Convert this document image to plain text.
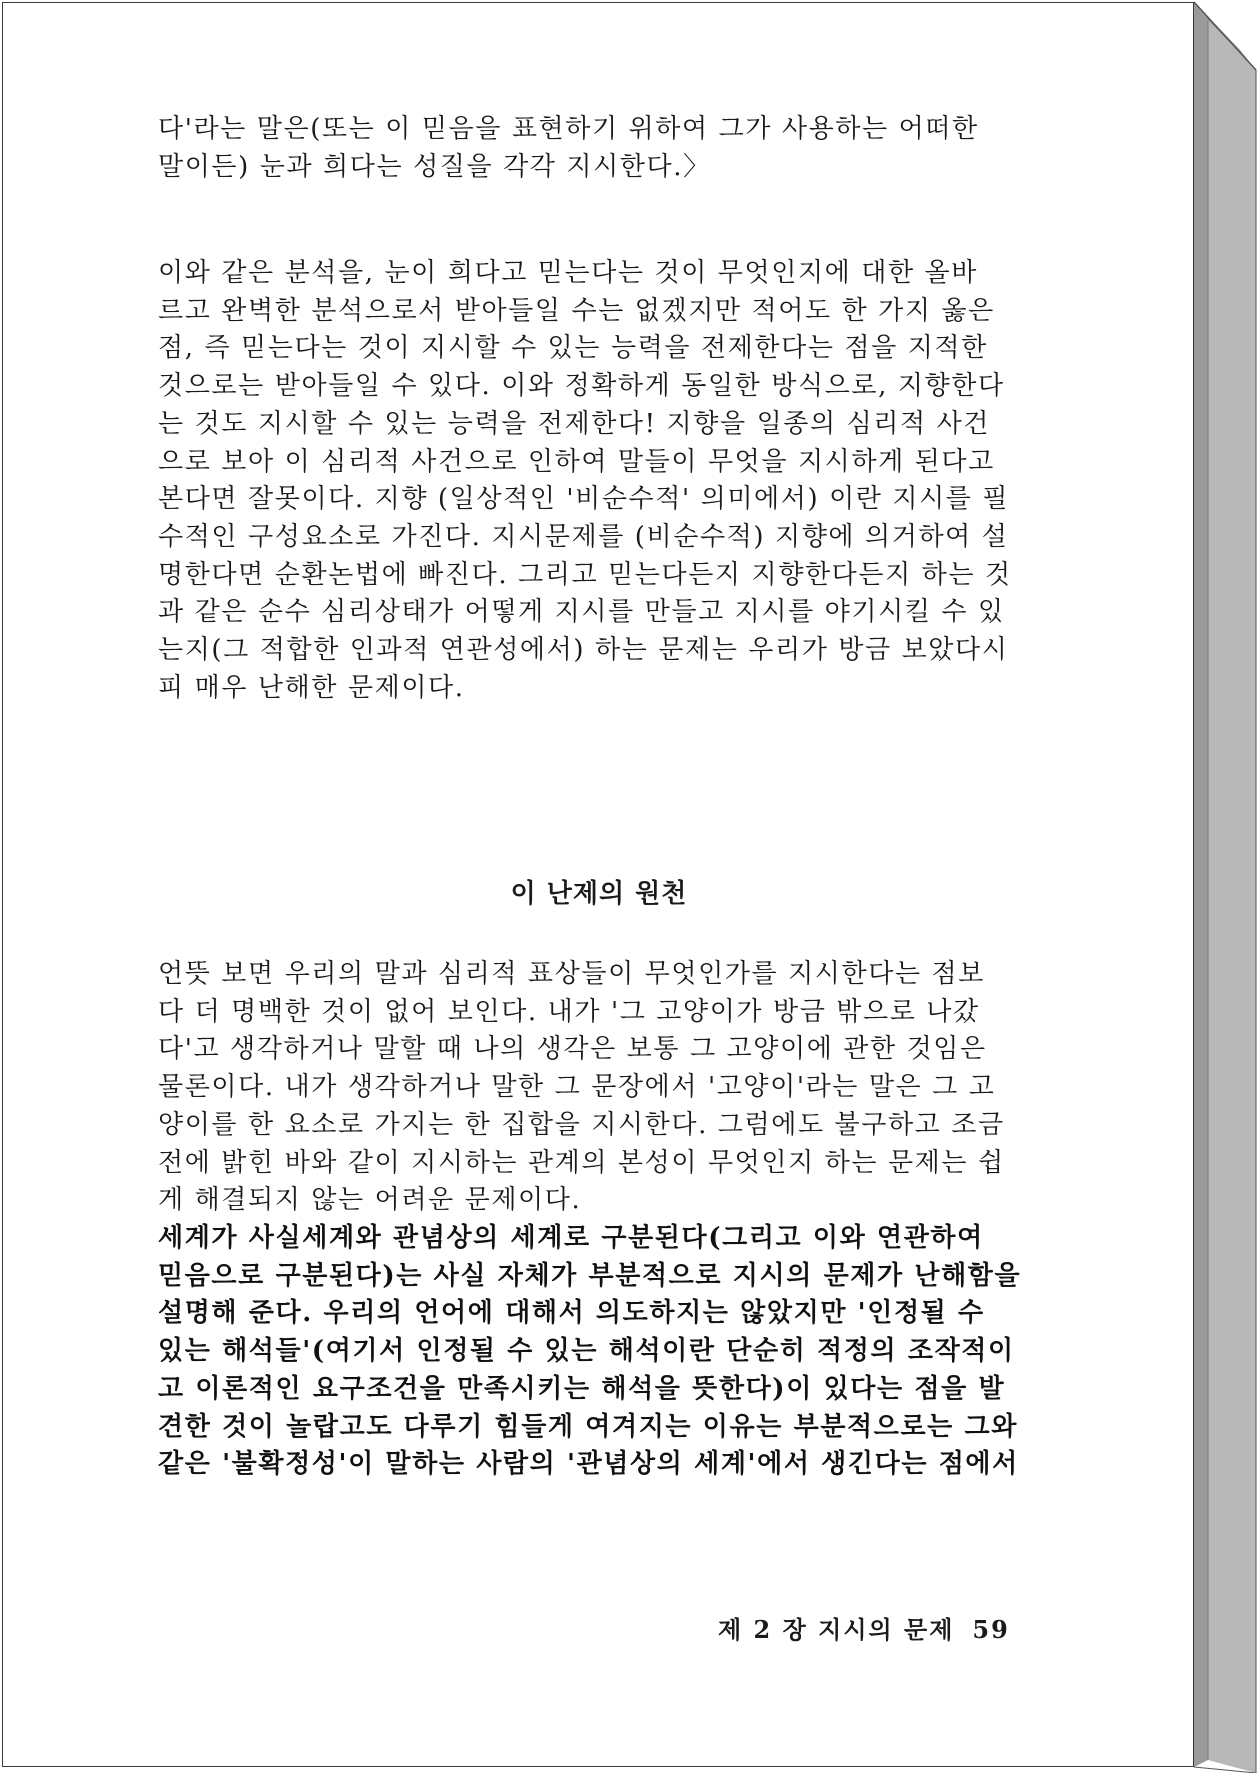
다'라는 말은(또는 이 믿음을 표현하기 위하여 그가 사용하는 어떠한
말이든) 눈과 희다는 성질을 각각 지시한다.〉

이와 같은 분석을, 눈이 희다고 믿는다는 것이 무엇인지에 대한 올바
르고 완벽한 분석으로서 받아들일 수는 없겠지만 적어도 한 가지 옳은
점, 즉 믿는다는 것이 지시할 수 있는 능력을 전제한다는 점을 지적한
것으로는 받아들일 수 있다. 이와 정확하게 동일한 방식으로, 지향한다
는 것도 지시할 수 있는 능력을 전제한다! 지향을 일종의 심리적 사건
으로 보아 이 심리적 사건으로 인하여 말들이 무엇을 지시하게 된다고
본다면 잘못이다. 지향 (일상적인 '비순수적' 의미에서) 이란 지시를 필
수적인 구성요소로 가진다. 지시문제를 (비순수적) 지향에 의거하여 설
명한다면 순환논법에 빠진다. 그리고 믿는다든지 지향한다든지 하는 것
과 같은 순수 심리상태가 어떻게 지시를 만들고 지시를 야기시킬 수 있
는지(그 적합한 인과적 연관성에서) 하는 문제는 우리가 방금 보았다시
피 매우 난해한 문제이다.

이 난제의 원천

언뜻 보면 우리의 말과 심리적 표상들이 무엇인가를 지시한다는 점보
다 더 명백한 것이 없어 보인다. 내가 '그 고양이가 방금 밖으로 나갔
다'고 생각하거나 말할 때 나의 생각은 보통 그 고양이에 관한 것임은
물론이다. 내가 생각하거나 말한 그 문장에서 '고양이'라는 말은 그 고
양이를 한 요소로 가지는 한 집합을 지시한다. 그럼에도 불구하고 조금
전에 밝힌 바와 같이 지시하는 관계의 본성이 무엇인지 하는 문제는 쉽
게 해결되지 않는 어려운 문제이다.

세계가 사실세계와 관념상의 세계로 구분된다(그리고 이와 연관하여
믿음으로 구분된다)는 사실 자체가 부분적으로 지시의 문제가 난해함을
설명해 준다. 우리의 언어에 대해서 의도하지는 않았지만 '인정될 수
있는 해석들'(여기서 인정될 수 있는 해석이란 단순히 적정의 조작적이
고 이론적인 요구조건을 만족시키는 해석을 뜻한다)이 있다는 점을 발
견한 것이 놀랍고도 다루기 힘들게 여겨지는 이유는 부분적으로는 그와
같은 '불확정성'이 말하는 사람의 '관념상의 세계'에서 생긴다는 점에서

제 2 장 지시의 문제 59
